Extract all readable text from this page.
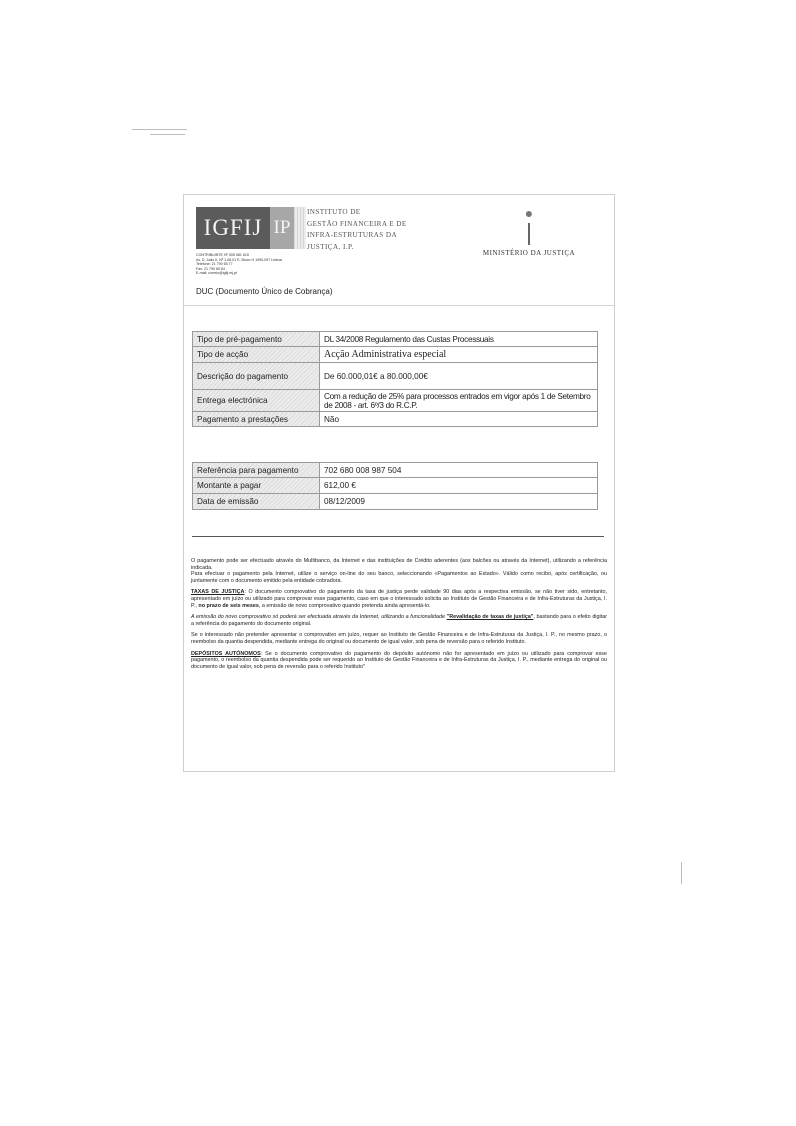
IGFIJ IP
INSTITUTO DE
GESTÃO FINANCEIRA E DE
INFRA-ESTRUTURAS DA
JUSTIÇA, I.P.
CONTRIBUINTE Nº 505 581 615
Av. D. João II, Nº 1.08.01 E, Bloco H 1990-097 Lisboa
Telefone: 21 790 65 77
Fax: 21 790 65 64
E-mail: correio@igfij.mj.pt
●
MINISTÉRIO DA JUSTIÇA
DUC (Documento Único de Cobrança)
Tipo de pré-pagamento	DL 34/2008 Regulamento das Custas Processuais
Tipo de acção	Acção Administrativa especial
Descrição do pagamento	De 60.000,01€ a 80.000,00€
Entrega electrónica	Com a redução de 25% para processos entrados em vigor após 1 de Setembro de 2008 - art. 6º/3 do R.C.P.
Pagamento a prestações	Não
Referência para pagamento	702 680 008 987 504
Montante a pagar	612,00 €
Data de emissão	08/12/2009

O pagamento pode ser efectuado através do Multibanco, da Internet e das instituições de Crédito aderentes (aos balcões ou através da Internet), utilizando a referência indicada.
Para efectuar o pagamento pela Internet, utilize o serviço on-line do seu banco, seleccionando «Pagamentos ao Estado». Válido como recibo, após certificação, ou juntamente com o documento emitido pela entidade cobradora.

TAXAS DE JUSTIÇA: O documento comprovativo do pagamento da taxa de justiça perde validade 90 dias após a respectiva emissão, se não tiver sido, entretanto, apresentado em juízo ou utilizado para comprovar esse pagamento, caso em que o interessado solicita ao Instituto de Gestão Financeira e de Infra-Estruturas da Justiça, I. P., no prazo de seis meses, a emissão de novo comprovativo quando pretenda ainda apresentá-lo.

A emissão do novo comprovativo só poderá ser efectuada através da Internet, utilizando a funcionalidade "Revalidação de taxas de justiça", bastando para o efeito digitar a referência do pagamento do documento original.

Se o interessado não pretender apresentar o comprovativo em juízo, requer ao Instituto de Gestão Financeira e de Infra-Estruturas da Justiça, I. P., no mesmo prazo, o reembolso da quantia despendida, mediante entrega do original ou documento de igual valor, sob pena de reversão para o referido Instituto.

DEPÓSITOS AUTÓNOMOS: Se o documento comprovativo do pagamento do depósito autónomo não for apresentado em juízo ou utilizado para comprovar esse pagamento, o reembolso da quantia despendida pode ser requerido ao Instituto de Gestão Financeira e de Infra-Estruturas da Justiça, I. P., mediante entrega do original ou documento de igual valor, sob pena de reversão para o referido Instituto"
